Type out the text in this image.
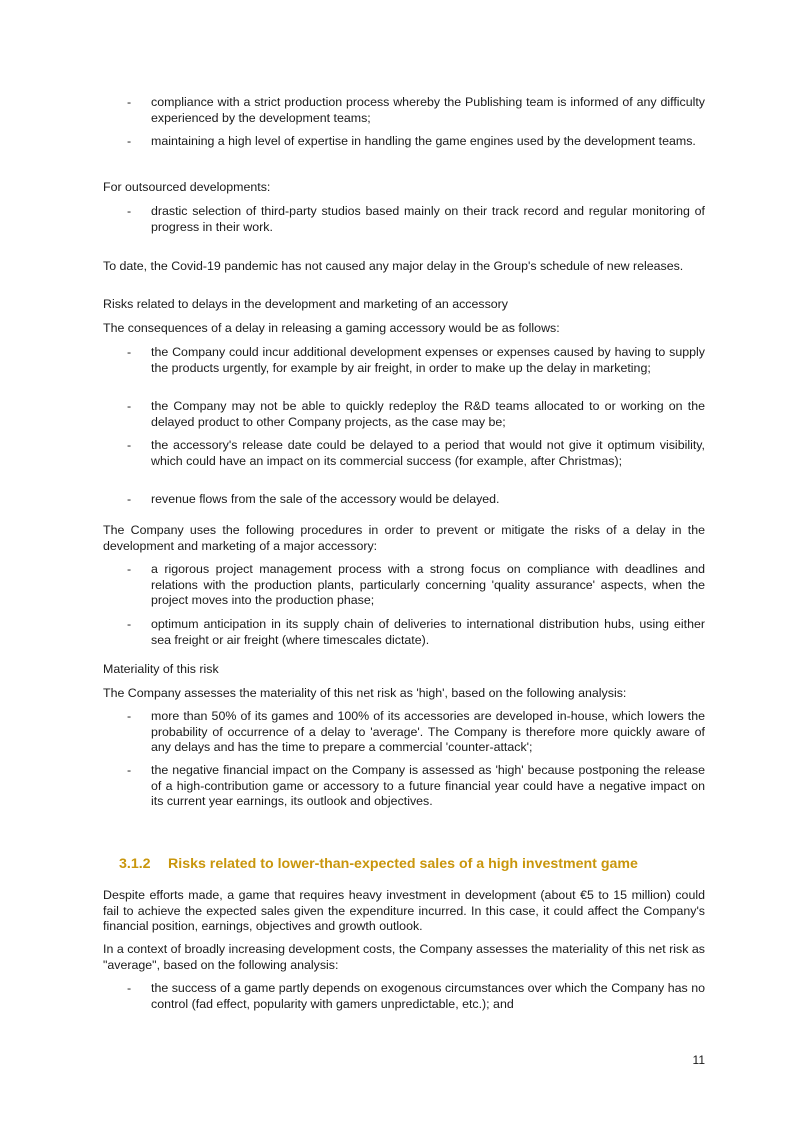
- compliance with a strict production process whereby the Publishing team is informed of any difficulty experienced by the development teams;
- maintaining a high level of expertise in handling the game engines used by the development teams.
For outsourced developments:
- drastic selection of third-party studios based mainly on their track record and regular monitoring of progress in their work.
To date, the Covid-19 pandemic has not caused any major delay in the Group's schedule of new releases.
Risks related to delays in the development and marketing of an accessory
The consequences of a delay in releasing a gaming accessory would be as follows:
- the Company could incur additional development expenses or expenses caused by having to supply the products urgently, for example by air freight, in order to make up the delay in marketing;
- the Company may not be able to quickly redeploy the R&D teams allocated to or working on the delayed product to other Company projects, as the case may be;
- the accessory's release date could be delayed to a period that would not give it optimum visibility, which could have an impact on its commercial success (for example, after Christmas);
- revenue flows from the sale of the accessory would be delayed.
The Company uses the following procedures in order to prevent or mitigate the risks of a delay in the development and marketing of a major accessory:
- a rigorous project management process with a strong focus on compliance with deadlines and relations with the production plants, particularly concerning 'quality assurance' aspects, when the project moves into the production phase;
- optimum anticipation in its supply chain of deliveries to international distribution hubs, using either sea freight or air freight (where timescales dictate).
Materiality of this risk
The Company assesses the materiality of this net risk as 'high', based on the following analysis:
- more than 50% of its games and 100% of its accessories are developed in-house, which lowers the probability of occurrence of a delay to 'average'. The Company is therefore more quickly aware of any delays and has the time to prepare a commercial 'counter-attack';
- the negative financial impact on the Company is assessed as 'high' because postponing the release of a high-contribution game or accessory to a future financial year could have a negative impact on its current year earnings, its outlook and objectives.
3.1.2 Risks related to lower-than-expected sales of a high investment game
Despite efforts made, a game that requires heavy investment in development (about €5 to 15 million) could fail to achieve the expected sales given the expenditure incurred. In this case, it could affect the Company's financial position, earnings, objectives and growth outlook.
In a context of broadly increasing development costs, the Company assesses the materiality of this net risk as "average", based on the following analysis:
- the success of a game partly depends on exogenous circumstances over which the Company has no control (fad effect, popularity with gamers unpredictable, etc.); and
11
